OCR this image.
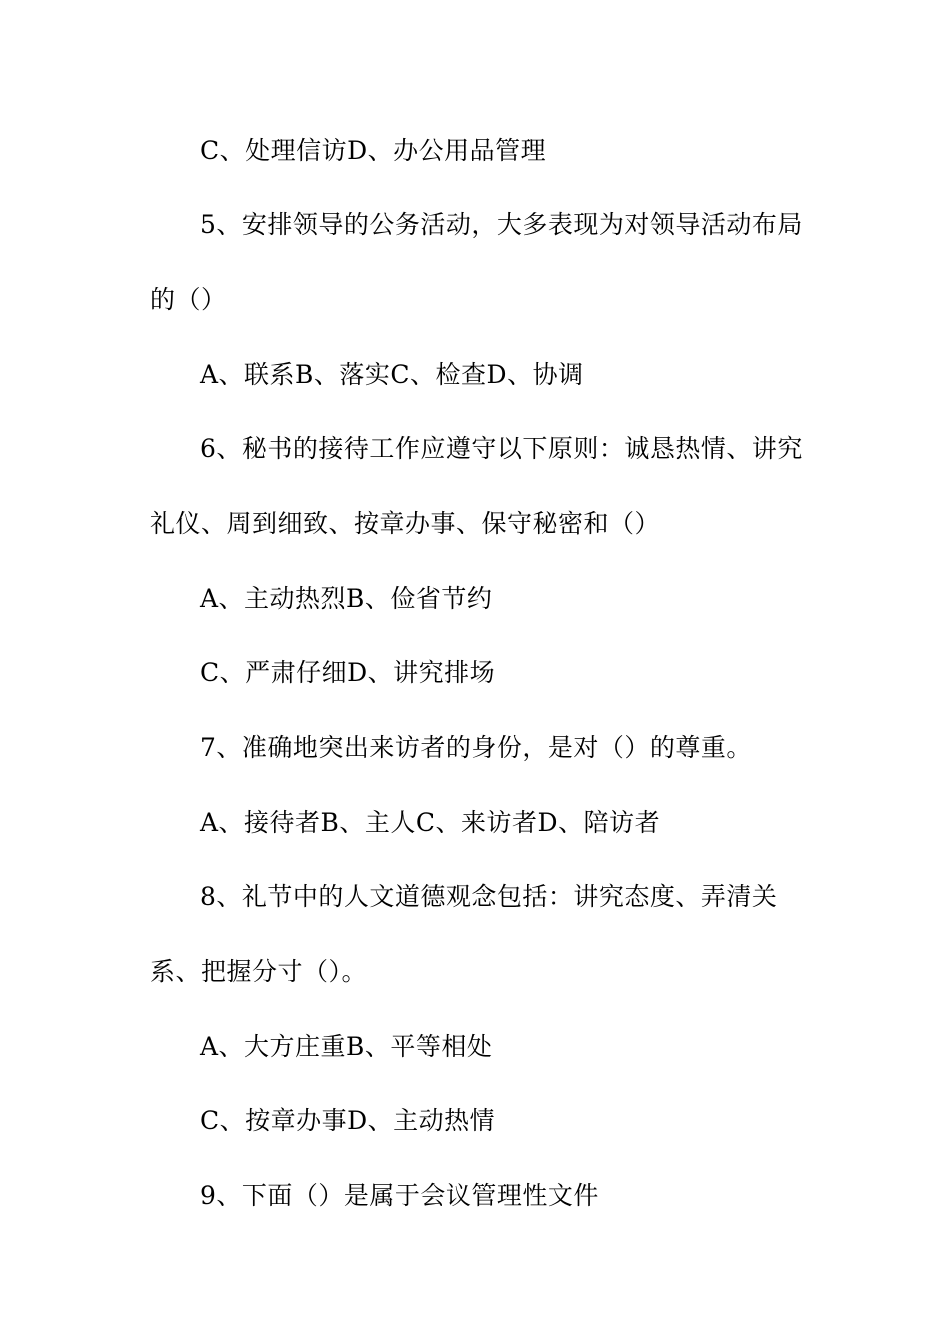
C、处理信访D、办公用品管理
5、安排领导的公务活动，大多表现为对领导活动布局
的（）
A、联系B、落实C、检查D、协调
6、秘书的接待工作应遵守以下原则：诚恳热情、讲究
礼仪、周到细致、按章办事、保守秘密和（）
A、主动热烈B、俭省节约
C、严肃仔细D、讲究排场
7、准确地突出来访者的身份，是对（）的尊重。
A、接待者B、主人C、来访者D、陪访者
8、礼节中的人文道德观念包括：讲究态度、弄清关
系、把握分寸（）。
A、大方庄重B、平等相处
C、按章办事D、主动热情
9、下面（）是属于会议管理性文件
